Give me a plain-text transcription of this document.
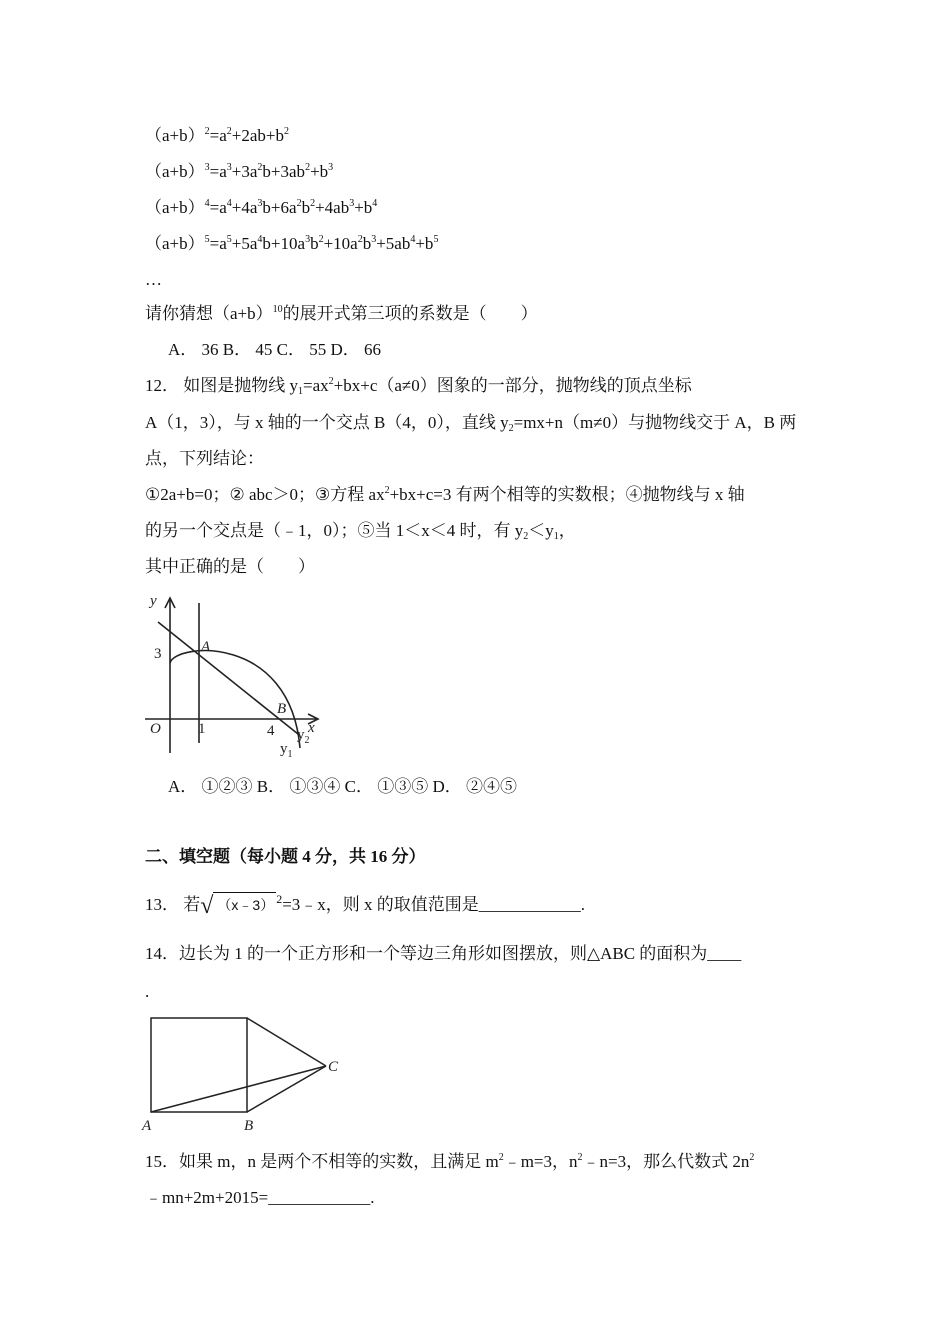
$(a+b)^2=a^2+2ab+b^2$
$(a+b)^3=a^3+3a^2b+3ab^2+b^3$
$(a+b)^4=a^4+4a^3b+6a^2b^2+4ab^3+b^4$
$(a+b)^5=a^5+5a^4b+10a^3b^2+10a^2b^3+5ab^4+b^5$
…
请你猜想$(a+b)^{10}$的展开式第三项的系数是（　　）
A． 36 B． 45 C． 55 D． 66
12． 如图是抛物线 $y_1=ax^2+bx+c(a\ne 0)$图象的一部分，抛物线的顶点坐标
A（1，3），与 x 轴的一个交点 B（4，0），直线 $y_2=mx+n(m\ne 0)$与抛物线交于 A，B 两
点，下列结论：
①2a+b=0；② abc＞0；③方程 $ax^2+bx+c=3$ 有两个相等的实数根；④抛物线与 x 轴
的另一个交点是（﹣1，0）；⑤当 1＜x＜4 时，有 $y_2<y_1$，
其中正确的是（　　）
y
x
O
A
B
3
1	4 $y_2$
$y_1$
A． ①②③ B． ①③④ C． ①③⑤ D． ②④⑤
二、填空题（每小题 4 分，共 16 分）
13． 若√ （x﹣3） $^2$=3﹣x，则 x 的取值范围是____________.
14．边长为 1 的一个正方形和一个等边三角形如图摆放，则△ABC 的面积为____
.
A	B
C
15．如果 m，n 是两个不相等的实数，且满足 $m^2﹣m=3$，$n^2﹣n=3$，那么代数式 $2n^2$
﹣mn+2m+2015=____________.
